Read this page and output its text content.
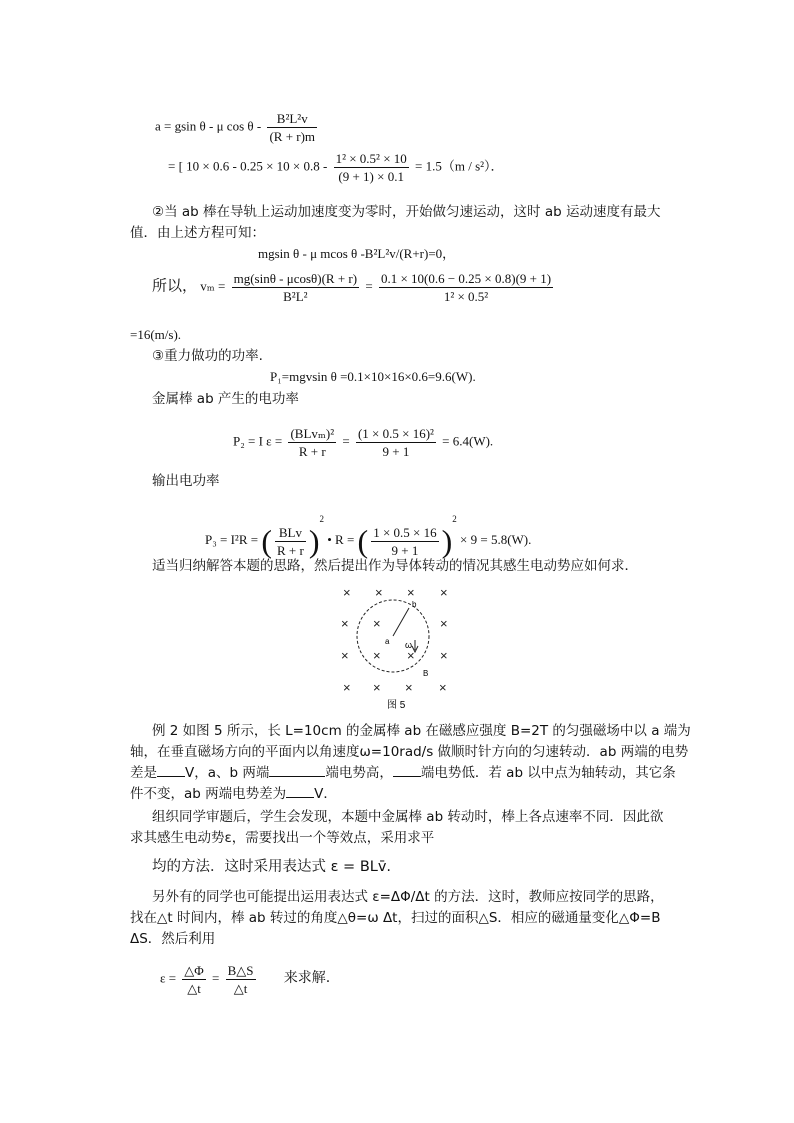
a = gsin θ - μ cos θ - $\frac{\text{B²L²v}}{(R + r)m}$
= [ $10 \times 0.6 - 0.25 \times 10 \times 0.8 - \frac{\text{1² × 0.5² × 10}}{(9 + 1) \times 0.1} = 1.5(m / s^2)$．
②当 ab 棒在导轨上运动加速度变为零时，开始做匀速运动，这时 ab 运动速度有最大
值．由上述方程可知：
mgsin θ - μ mcos θ -B²L²v/(R+r)=0，
所以， $v_m = \frac{mg(\sin\theta - \mu\cos\theta)(R + r)}{\text{B²L²}} = \frac{0.1 \times 10(0.6 - 0.25 \times 0.8)(9 + 1)}{\text{1² × 0.5²}}$
=16(m/s).
③重力做功的功率.
P₁=mgvsin θ =0.1×10×16×0.6=9.6(W).
金属棒 ab 产生的电功率
P₂ = I $\varepsilon = \frac{\text{(BLvₘ)²}}{R + r} = \frac{\text{(1 × 0.5 × 16)²}}{9 + 1} = 6.4(W)$.
输出电功率
P₃ = I²R = ( $\frac{\text{BLv}}{R + r} )^2$ • R = ( $\frac{1 \times 0.5 \times 16}{9 + 1} )^2 \times 9 = 5.8(W)$.
适当归纳解答本题的思路，然后提出作为导体转动的情况其感生电动势应如何求．
× × × ×
× ×	×
× × × ×
× × × ×
a
b
ω
B
图 5
例 2 如图 5 所示，长 L=10cm 的金属棒 ab 在磁感应强度 B=2T 的匀强磁场中以 a 端为
轴，在垂直磁场方向的平面内以角速度ω=10rad/s 做顺时针方向的匀速转动．ab 两端的电势
差是 V，a、b 两端	端电势高， 端电势低．若 ab 以中点为轴转动，其它条
件不变，ab 两端电势差为 V．
组织同学审题后，学生会发现，本题中金属棒 ab 转动时，棒上各点速率不同．因此欲
求其感生电动势ε，需要找出一个等效点，采用求平
均的方法．这时采用表达式 ε = BLv̄.
另外有的同学也可能提出运用表达式 ε=ΔΦ/Δt 的方法．这时，教师应按同学的思路，
找在△t 时间内，棒 ab 转过的角度△θ=ω Δt，扫过的面积△S．相应的磁通量变化△Φ=B
ΔS．然后利用
$\varepsilon = \frac{\triangle\Phi}{\triangle t} = \frac{B\triangle S}{\triangle t}$ 来求解.
